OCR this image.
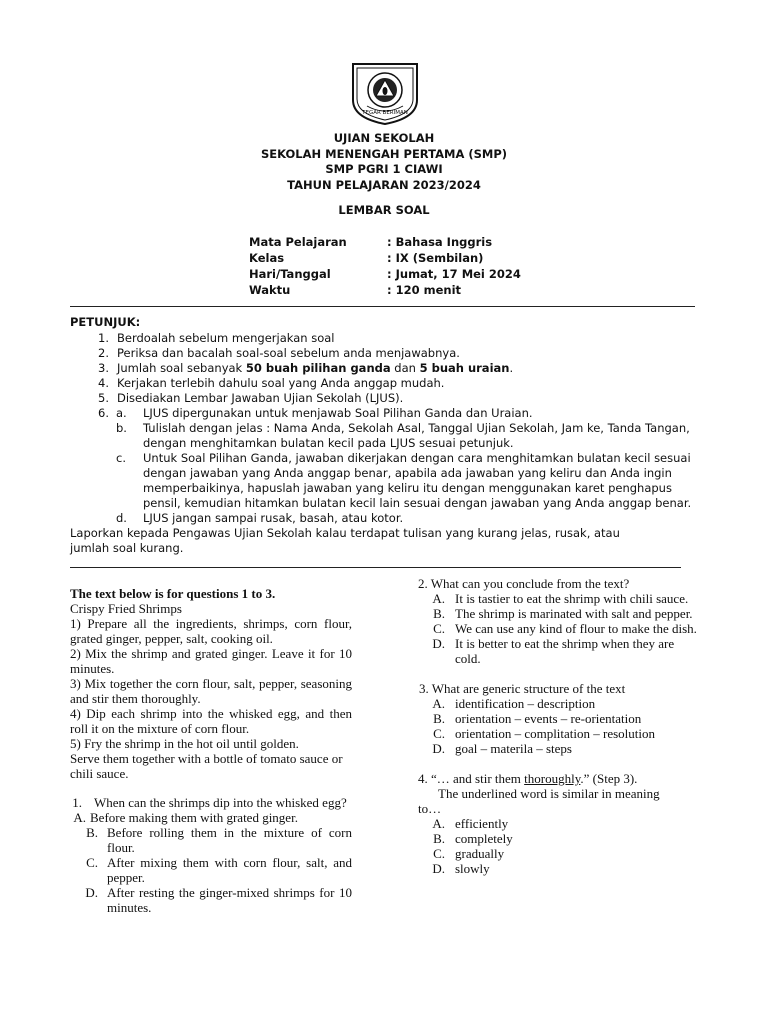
TEGAR BERIMAN
UJIAN SEKOLAH
SEKOLAH MENENGAH PERTAMA (SMP)
SMP PGRI 1 CIAWI
TAHUN PELAJARAN 2023/2024
LEMBAR SOAL
Mata Pelajaran	: Bahasa Inggris
Kelas	: IX (Sembilan)
Hari/Tanggal	: Jumat, 17 Mei 2024
Waktu	: 120 menit
PETUNJUK:
1. Berdoalah sebelum mengerjakan soal
2. Periksa dan bacalah soal-soal sebelum anda menjawabnya.
3. Jumlah soal sebanyak 50 buah pilihan ganda dan 5 buah uraian.
4. Kerjakan terlebih dahulu soal yang Anda anggap mudah.
5. Disediakan Lembar Jawaban Ujian Sekolah (LJUS).
6. a.	LJUS dipergunakan untuk menjawab Soal Pilihan Ganda dan Uraian.
b.	Tulislah dengan jelas : Nama Anda, Sekolah Asal, Tanggal Ujian Sekolah, Jam ke, Tanda Tangan, dengan menghitamkan bulatan kecil pada LJUS sesuai petunjuk.
c.	Untuk Soal Pilihan Ganda, jawaban dikerjakan dengan cara menghitamkan bulatan kecil sesuai dengan jawaban yang Anda anggap benar, apabila ada jawaban yang keliru dan Anda ingin memperbaikinya, hapuslah jawaban yang keliru itu dengan menggunakan karet penghapus pensil, kemudian hitamkan bulatan kecil lain sesuai dengan jawaban yang Anda anggap benar.
d.	LJUS jangan sampai rusak, basah, atau kotor.
Laporkan kepada Pengawas Ujian Sekolah kalau terdapat tulisan yang kurang jelas, rusak, atau
jumlah soal kurang.
The text below is for questions 1 to 3.
Crispy Fried Shrimps
1) Prepare all the ingredients, shrimps, corn flour, grated ginger, pepper, salt, cooking oil.
2) Mix the shrimp and grated ginger. Leave it for 10 minutes.
3) Mix together the corn flour, salt, pepper, seasoning and stir them thoroughly.
4) Dip each shrimp into the whisked egg, and then roll it on the mixture of corn flour.
5) Fry the shrimp in the hot oil until golden.
Serve them together with a bottle of tomato sauce or chili sauce.
1. When can the shrimps dip into the whisked egg?
A. Before making them with grated ginger.
B. Before rolling them in the mixture of corn flour.
C. After mixing them with corn flour, salt, and pepper.
D. After resting the ginger-mixed shrimps for 10 minutes.
2. What can you conclude from the text?
A. It is tastier to eat the shrimp with chili sauce.
B. The shrimp is marinated with salt and pepper.
C. We can use any kind of flour to make the dish.
D. It is better to eat the shrimp when they are cold.
3. What are generic structure of the text
A. identification – description
B. orientation – events – re-orientation
C. orientation – complitation – resolution
D. goal – materila – steps
4. “… and stir them thoroughly.” (Step 3).
The underlined word is similar in meaning
to…
A. efficiently
B. completely
C. gradually
D. slowly
